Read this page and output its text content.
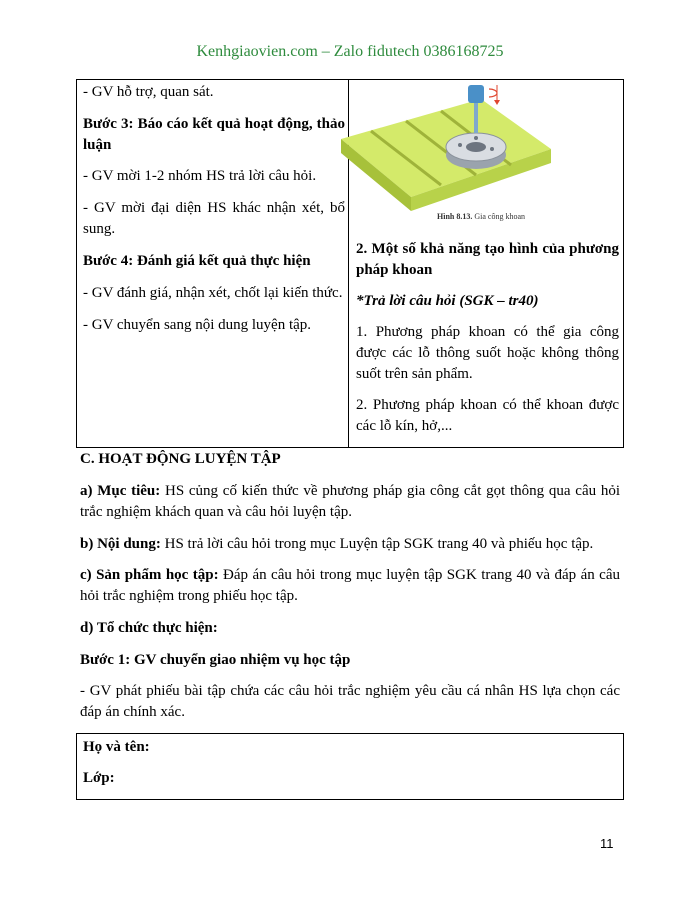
Kenhgiaovien.com – Zalo fidutech 0386168725

- GV hỗ trợ, quan sát.

Bước 3: Báo cáo kết quả hoạt động, thảo luận

- GV mời 1-2 nhóm HS trả lời câu hỏi.

- GV mời đại diện HS khác nhận xét, bổ sung.

Bước 4: Đánh giá kết quả thực hiện

- GV đánh giá, nhận xét, chốt lại kiến thức.

- GV chuyển sang nội dung luyện tập.

2. Một số khả năng tạo hình của phương pháp khoan

*Trả lời câu hỏi (SGK – tr40)

1. Phương pháp khoan có thể gia công được các lỗ thông suốt hoặc không thông suốt trên sản phẩm.

2. Phương pháp khoan có thể khoan được các lỗ kín, hở,...

Hình 8.13. Gia công khoan

C. HOẠT ĐỘNG LUYỆN TẬP

a) Mục tiêu: HS củng cố kiến thức về phương pháp gia công cắt gọt thông qua câu hỏi trắc nghiệm khách quan và câu hỏi luyện tập.

b) Nội dung: HS trả lời câu hỏi trong mục Luyện tập SGK trang 40 và phiếu học tập.

c) Sản phẩm học tập: Đáp án câu hỏi trong mục luyện tập SGK trang 40 và đáp án câu hỏi trắc nghiệm trong phiếu học tập.

d) Tổ chức thực hiện:

Bước 1: GV chuyển giao nhiệm vụ học tập

- GV phát phiếu bài tập chứa các câu hỏi trắc nghiệm yêu cầu cá nhân HS lựa chọn các đáp án chính xác.

Họ và tên:

Lớp:

11
